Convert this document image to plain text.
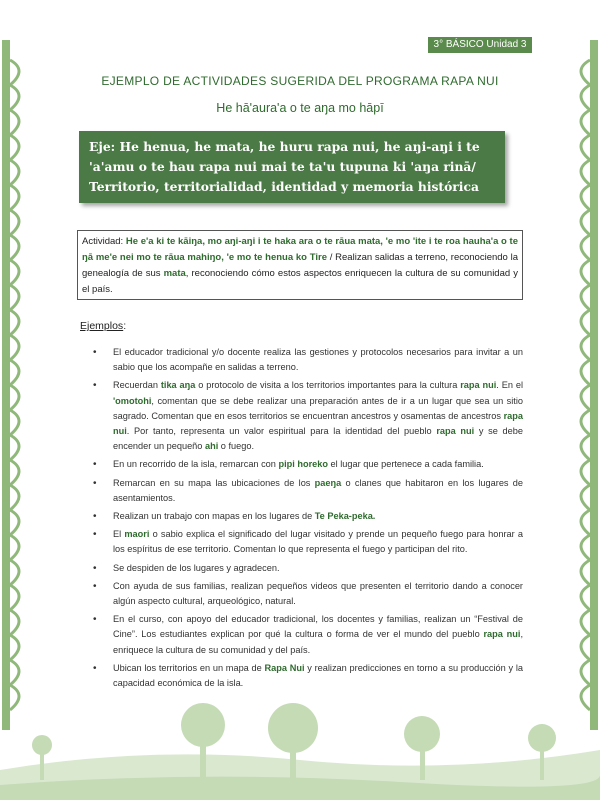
3° BÁSICO Unidad 3
EJEMPLO DE ACTIVIDADES SUGERIDA DEL PROGRAMA RAPA NUI
He hā'aura'a o te aŋa mo hāpī
Eje: He henua, he mata, he huru rapa nui, he aŋi-aŋi i te 'a'amu o te hau rapa nui mai te ta'u tupuna ki 'aŋa rinā/ Territorio, territorialidad, identidad y memoria histórica
Actividad: He e'a ki te kāiŋa, mo aŋi-aŋi i te haka ara o te rāua mata, 'e mo 'ite i te roa hauha'a o te ŋā me'e nei mo te rāua mahiŋo, 'e mo te henua ko Tire / Realizan salidas a terreno, reconociendo la genealogía de sus mata, reconociendo cómo estos aspectos enriquecen la cultura de su comunidad y el país.
Ejemplos:
• El educador tradicional y/o docente realiza las gestiones y protocolos necesarios para invitar a un sabio que los acompañe en salidas a terreno.
• Recuerdan tika aŋa o protocolo de visita a los territorios importantes para la cultura rapa nui. En el 'omotohi, comentan que se debe realizar una preparación antes de ir a un lugar que sea un sitio sagrado. Comentan que en esos territorios se encuentran ancestros y osamentas de ancestros rapa nui. Por tanto, representa un valor espiritual para la identidad del pueblo rapa nui y se debe encender un pequeño ahi o fuego.
• En un recorrido de la isla, remarcan con pipi horeko el lugar que pertenece a cada familia.
• Remarcan en su mapa las ubicaciones de los paeŋa o clanes que habitaron en los lugares de asentamientos.
• Realizan un trabajo con mapas en los lugares de Te Peka-peka.
• El maori o sabio explica el significado del lugar visitado y prende un pequeño fuego para honrar a los espíritus de ese territorio. Comentan lo que representa el fuego y participan del rito.
• Se despiden de los lugares y agradecen.
• Con ayuda de sus familias, realizan pequeños videos que presenten el territorio dando a conocer algún aspecto cultural, arqueológico, natural.
• En el curso, con apoyo del educador tradicional, los docentes y familias, realizan un “Festival de Cine”. Los estudiantes explican por qué la cultura o forma de ver el mundo del pueblo rapa nui, enriquece la cultura de su comunidad y del país.
• Ubican los territorios en un mapa de Rapa Nui y realizan predicciones en torno a su producción y la capacidad económica de la isla.
